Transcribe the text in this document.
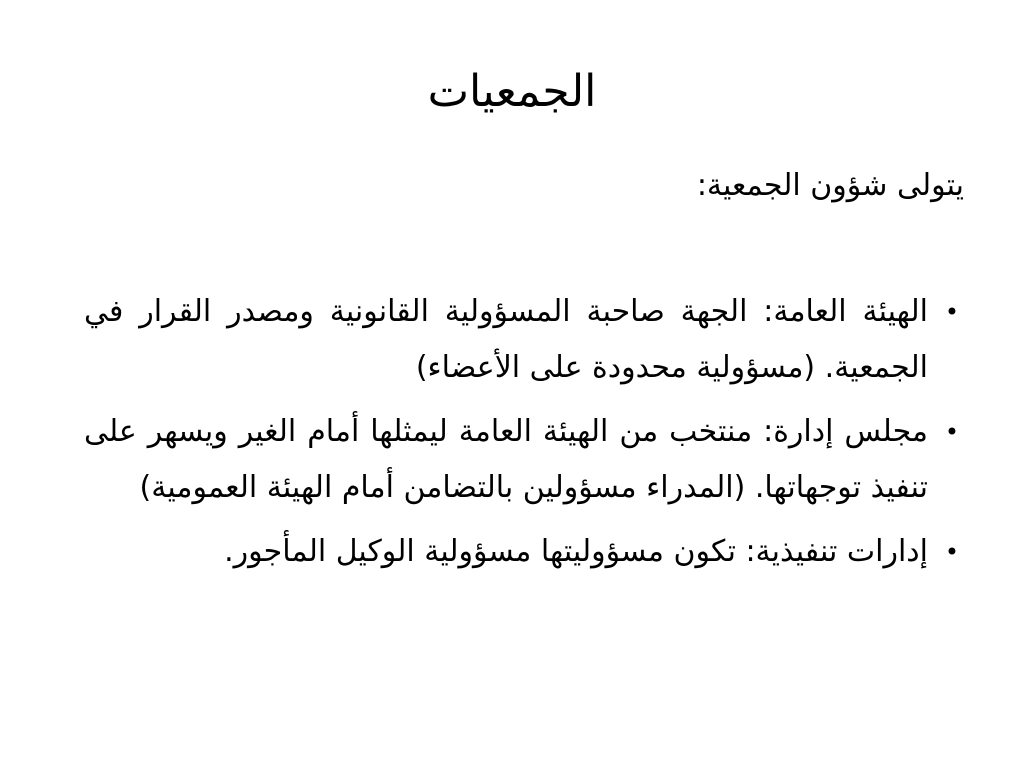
الجمعيات

يتولى شؤون الجمعية:

•
الهيئة العامة: الجهة صاحبة المسؤولية القانونية ومصدر القرار في الجمعية. (مسؤولية محدودة على الأعضاء)
•
مجلس إدارة: منتخب من الهيئة العامة ليمثلها أمام الغير ويسهر على تنفيذ توجهاتها. (المدراء مسؤولين بالتضامن أمام الهيئة العمومية)
•
إدارات تنفيذية: تكون مسؤوليتها مسؤولية الوكيل المأجور.
